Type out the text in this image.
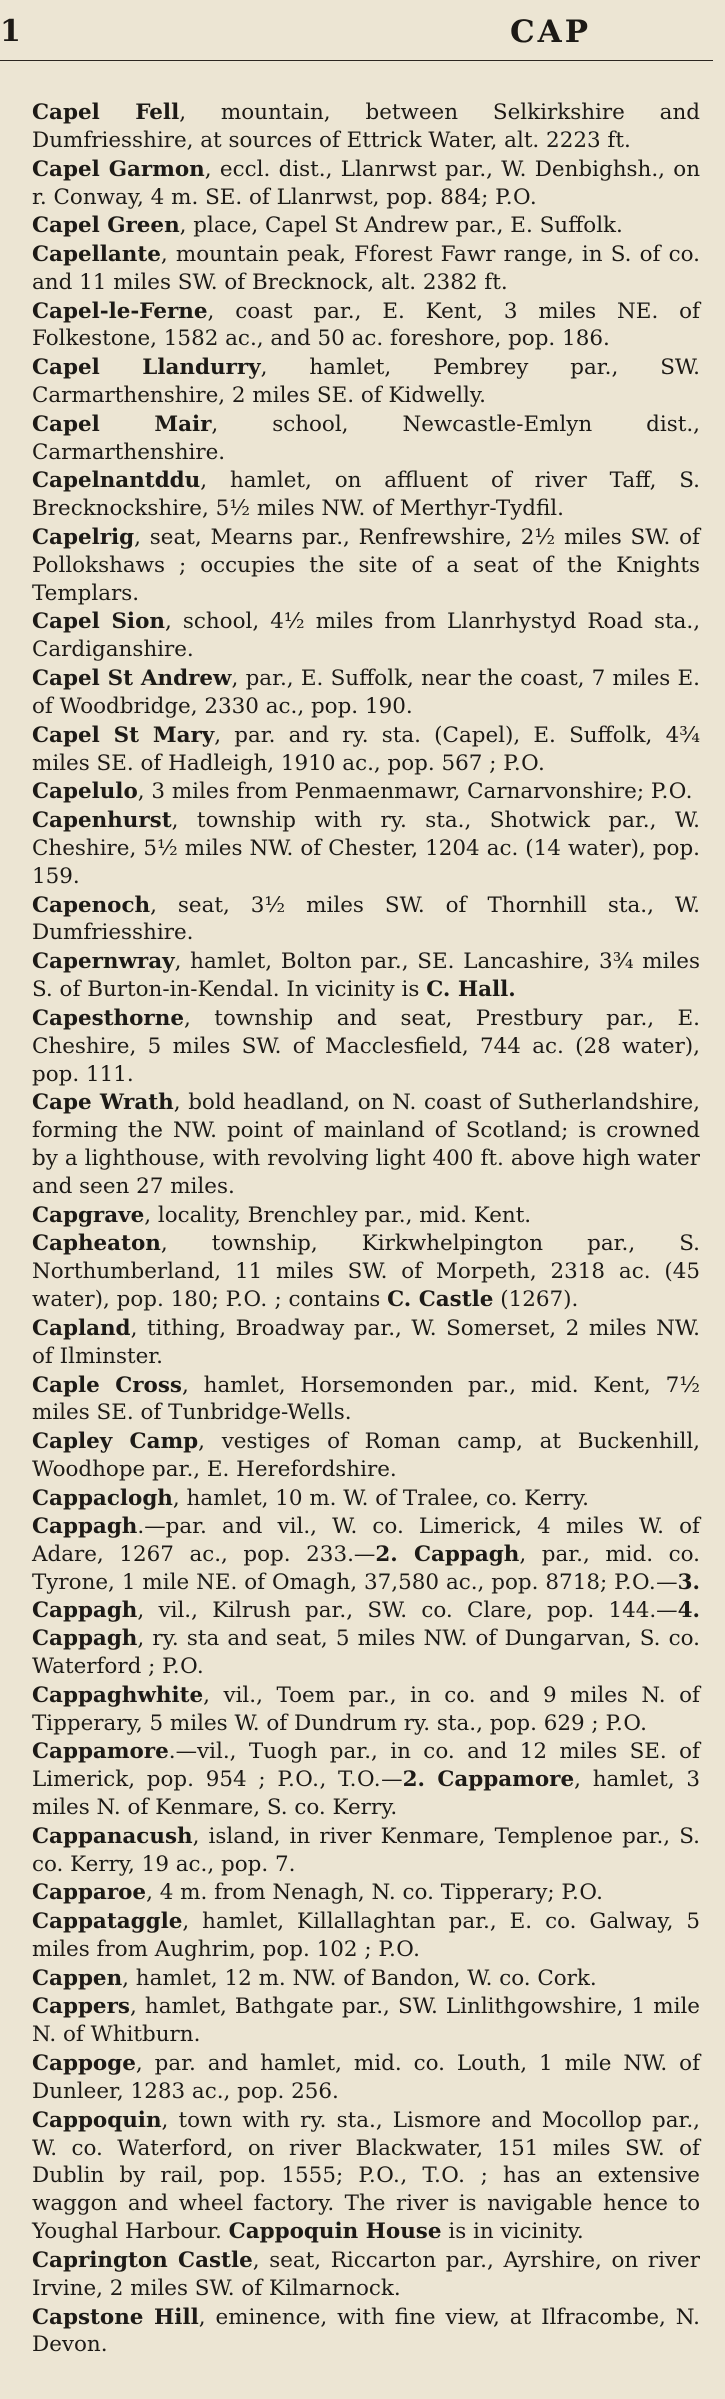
1	CAP

Capel Fell, mountain, between Selkirkshire and Dumfriesshire, at sources of Ettrick Water, alt. 2223 ft.

Capel Garmon, eccl. dist., Llanrwst par., W. Denbighsh., on r. Conway, 4 m. SE. of Llanrwst, pop. 884; P.O.

Capel Green, place, Capel St Andrew par., E. Suffolk.

Capellante, mountain peak, Fforest Fawr range, in S. of co. and 11 miles SW. of Brecknock, alt. 2382 ft.

Capel-le-Ferne, coast par., E. Kent, 3 miles NE. of Folkestone, 1582 ac., and 50 ac. foreshore, pop. 186.

Capel Llandurry, hamlet, Pembrey par., SW. Carmarthenshire, 2 miles SE. of Kidwelly.

Capel Mair, school, Newcastle-Emlyn dist., Carmarthenshire.

Capelnantddu, hamlet, on affluent of river Taff, S. Brecknockshire, 5½ miles NW. of Merthyr-Tydfil.

Capelrig, seat, Mearns par., Renfrewshire, 2½ miles SW. of Pollokshaws ; occupies the site of a seat of the Knights Templars.

Capel Sion, school, 4½ miles from Llanrhystyd Road sta., Cardiganshire.

Capel St Andrew, par., E. Suffolk, near the coast, 7 miles E. of Woodbridge, 2330 ac., pop. 190.

Capel St Mary, par. and ry. sta. (Capel), E. Suffolk, 4¾ miles SE. of Hadleigh, 1910 ac., pop. 567 ; P.O.

Capelulo, 3 miles from Penmaenmawr, Carnarvonshire; P.O.

Capenhurst, township with ry. sta., Shotwick par., W. Cheshire, 5½ miles NW. of Chester, 1204 ac. (14 water), pop. 159.

Capenoch, seat, 3½ miles SW. of Thornhill sta., W. Dumfriesshire.

Capernwray, hamlet, Bolton par., SE. Lancashire, 3¾ miles S. of Burton-in-Kendal. In vicinity is C. Hall.

Capesthorne, township and seat, Prestbury par., E. Cheshire, 5 miles SW. of Macclesfield, 744 ac. (28 water), pop. 111.

Cape Wrath, bold headland, on N. coast of Sutherlandshire, forming the NW. point of mainland of Scotland; is crowned by a lighthouse, with revolving light 400 ft. above high water and seen 27 miles.

Capgrave, locality, Brenchley par., mid. Kent.

Capheaton, township, Kirkwhelpington par., S. Northumberland, 11 miles SW. of Morpeth, 2318 ac. (45 water), pop. 180; P.O. ; contains C. Castle (1267).

Capland, tithing, Broadway par., W. Somerset, 2 miles NW. of Ilminster.

Caple Cross, hamlet, Horsemonden par., mid. Kent, 7½ miles SE. of Tunbridge-Wells.

Capley Camp, vestiges of Roman camp, at Buckenhill, Woodhope par., E. Herefordshire.

Cappaclogh, hamlet, 10 m. W. of Tralee, co. Kerry.

Cappagh.—par. and vil., W. co. Limerick, 4 miles W. of Adare, 1267 ac., pop. 233.—2. Cappagh, par., mid. co. Tyrone, 1 mile NE. of Omagh, 37,580 ac., pop. 8718; P.O.—3. Cappagh, vil., Kilrush par., SW. co. Clare, pop. 144.—4. Cappagh, ry. sta and seat, 5 miles NW. of Dungarvan, S. co. Waterford ; P.O.

Cappaghwhite, vil., Toem par., in co. and 9 miles N. of Tipperary, 5 miles W. of Dundrum ry. sta., pop. 629 ; P.O.

Cappamore.—vil., Tuogh par., in co. and 12 miles SE. of Limerick, pop. 954 ; P.O., T.O.—2. Cappamore, hamlet, 3 miles N. of Kenmare, S. co. Kerry.

Cappanacush, island, in river Kenmare, Templenoe par., S. co. Kerry, 19 ac., pop. 7.

Capparoe, 4 m. from Nenagh, N. co. Tipperary; P.O.

Cappataggle, hamlet, Killallaghtan par., E. co. Galway, 5 miles from Aughrim, pop. 102 ; P.O.

Cappen, hamlet, 12 m. NW. of Bandon, W. co. Cork.

Cappers, hamlet, Bathgate par., SW. Linlithgowshire, 1 mile N. of Whitburn.

Cappoge, par. and hamlet, mid. co. Louth, 1 mile NW. of Dunleer, 1283 ac., pop. 256.

Cappoquin, town with ry. sta., Lismore and Mocollop par., W. co. Waterford, on river Blackwater, 151 miles SW. of Dublin by rail, pop. 1555; P.O., T.O. ; has an extensive waggon and wheel factory. The river is navigable hence to Youghal Harbour. Cappoquin House is in vicinity.

Caprington Castle, seat, Riccarton par., Ayrshire, on river Irvine, 2 miles SW. of Kilmarnock.

Capstone Hill, eminence, with fine view, at Ilfracombe, N. Devon.
